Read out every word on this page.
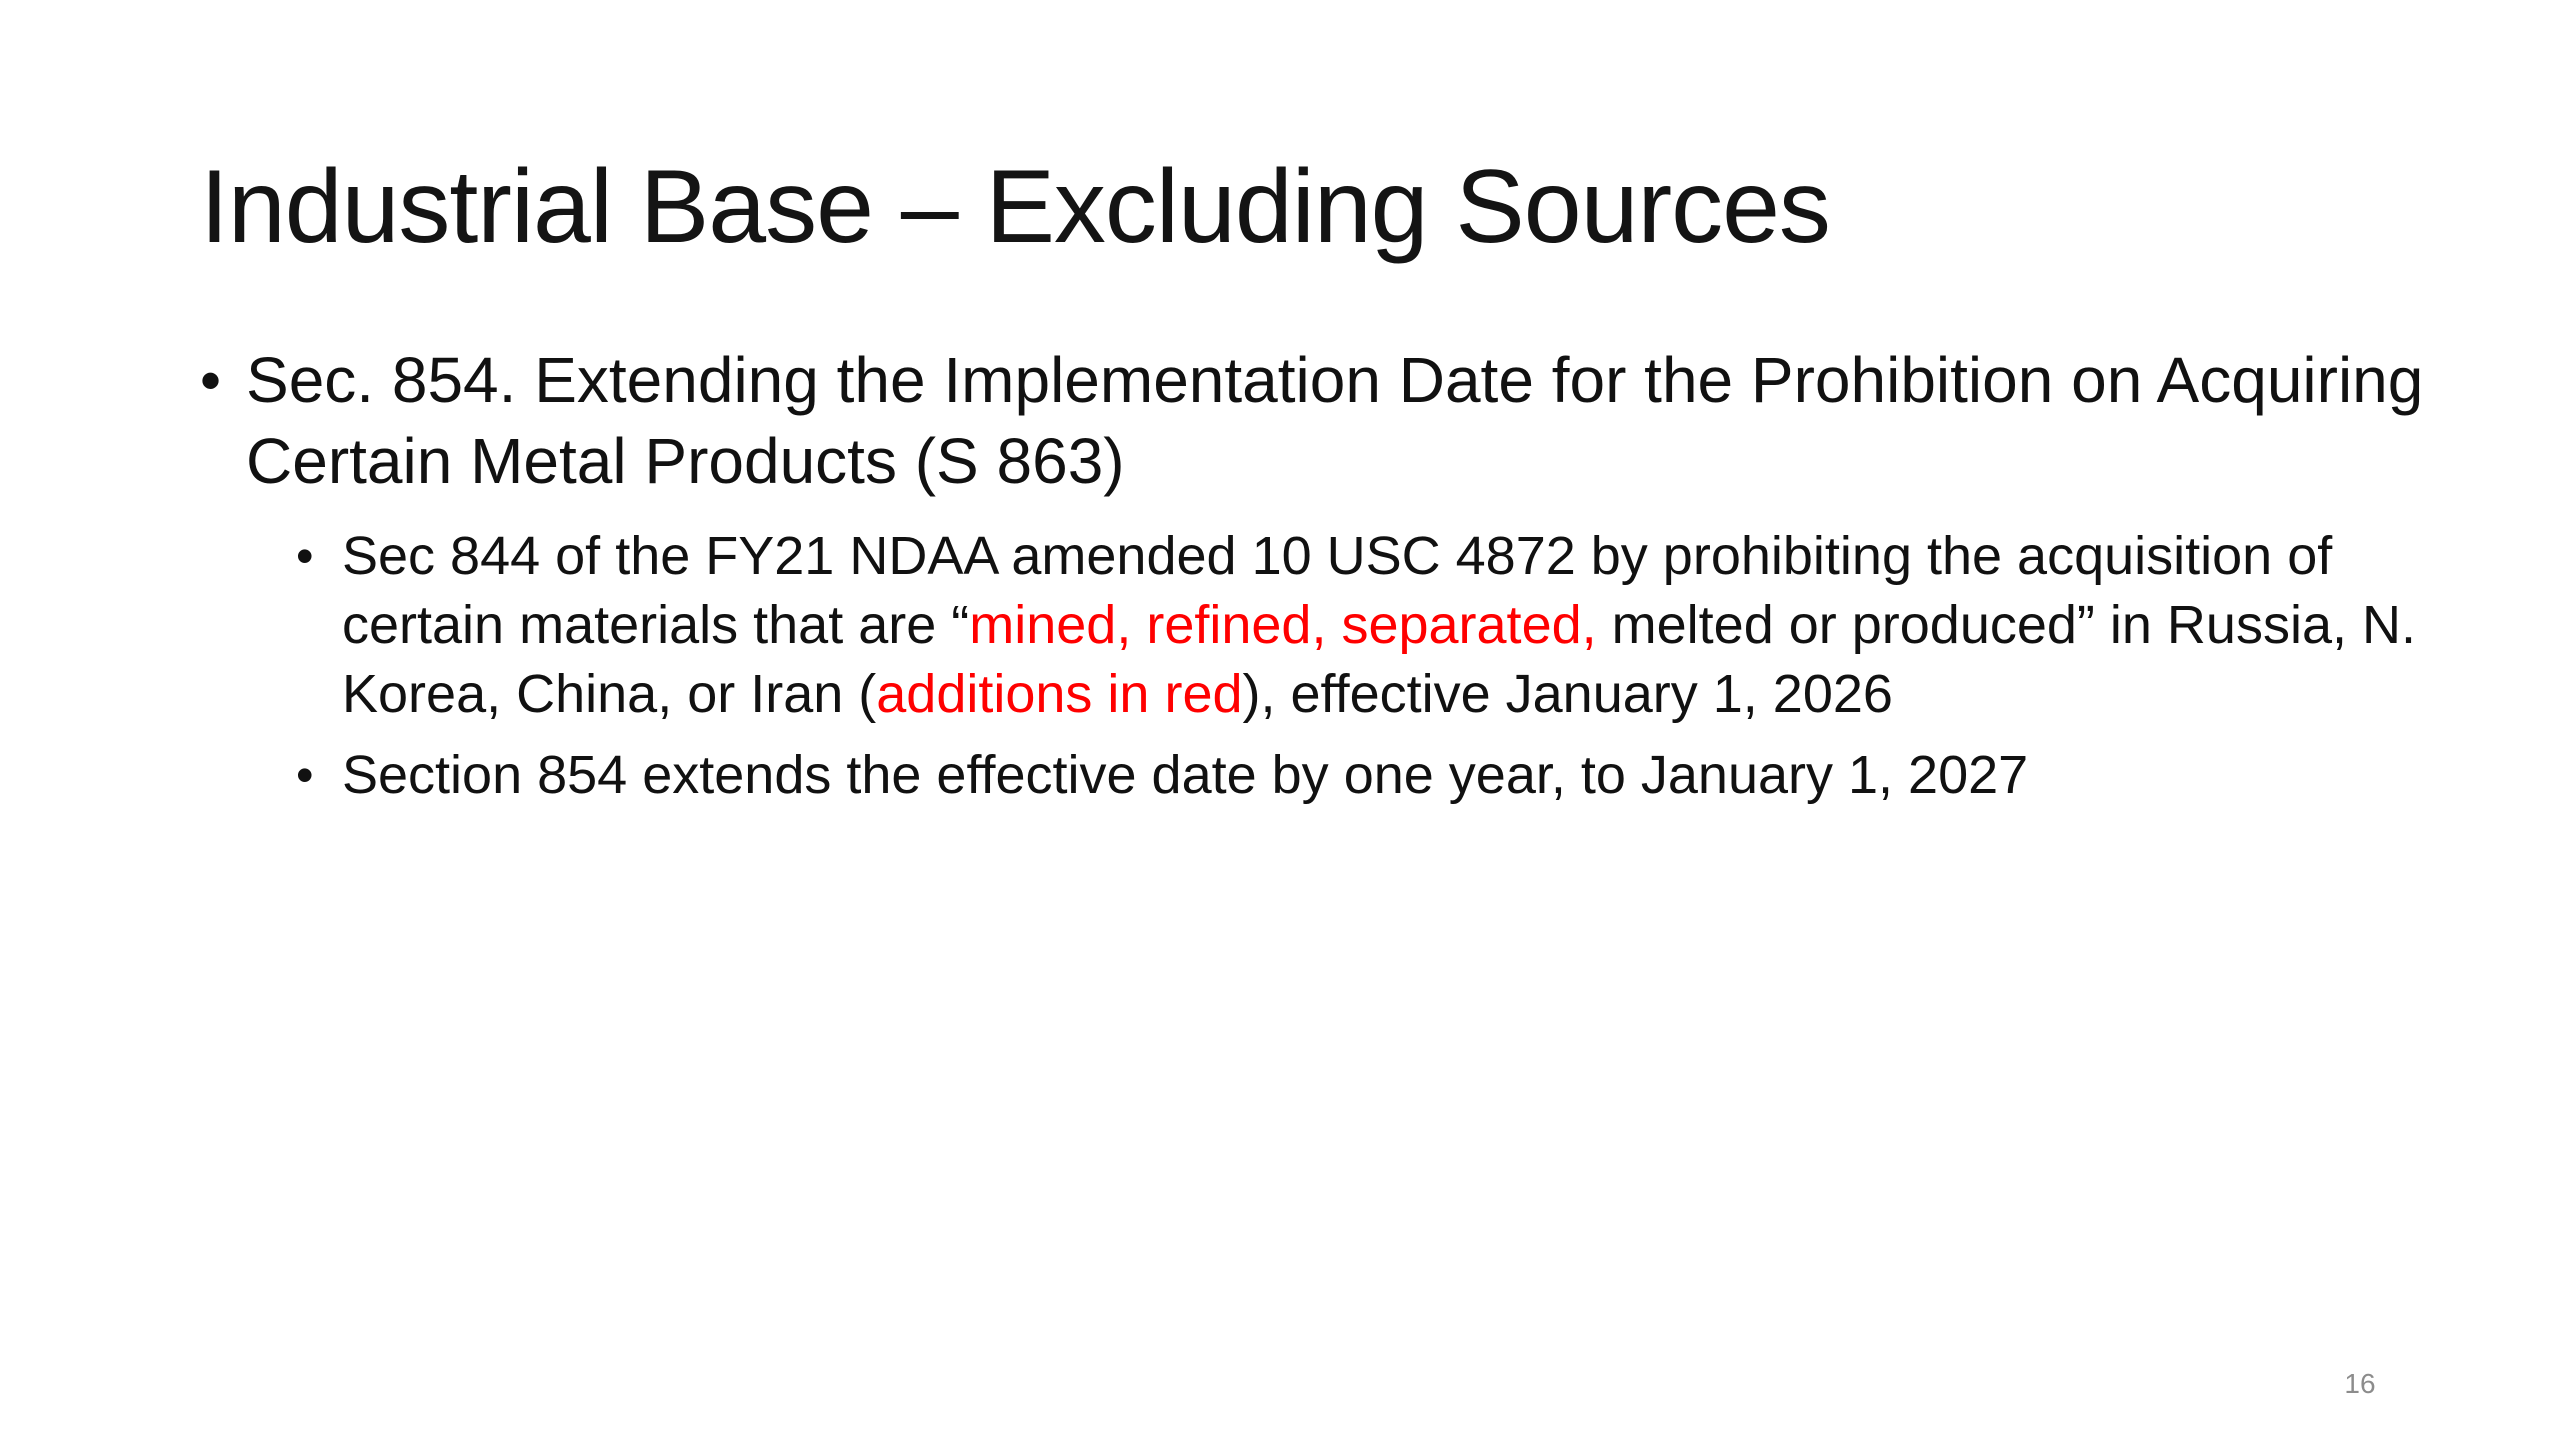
Industrial Base – Excluding Sources
• Sec. 854. Extending the Implementation Date for the Prohibition on Acquiring Certain Metal Products (S 863)
• Sec 844 of the FY21 NDAA amended 10 USC 4872 by prohibiting the acquisition of certain materials that are “mined, refined, separated, melted or produced” in Russia, N. Korea, China, or Iran (additions in red), effective January 1, 2026
• Section 854 extends the effective date by one year, to January 1, 2027
16
